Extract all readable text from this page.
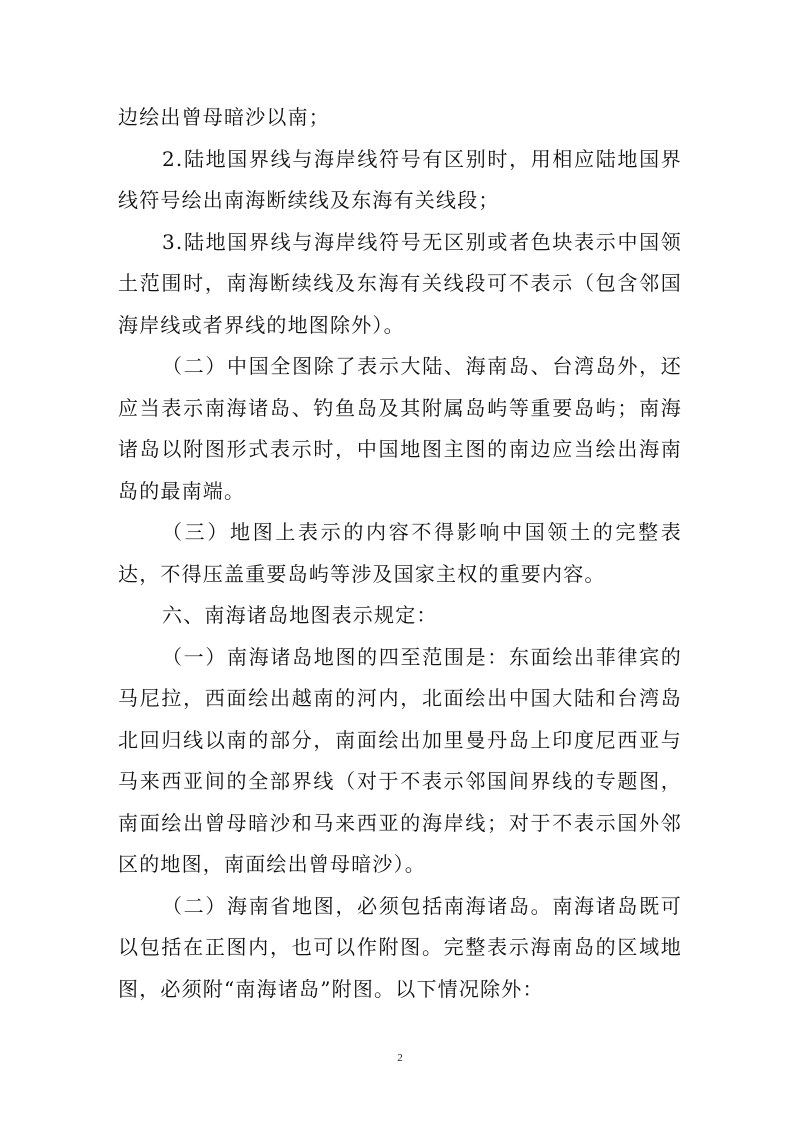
边绘出曾母暗沙以南；
2.陆地国界线与海岸线符号有区别时，用相应陆地国界
线符号绘出南海断续线及东海有关线段；
3.陆地国界线与海岸线符号无区别或者色块表示中国领
土范围时，南海断续线及东海有关线段可不表示（包含邻国
海岸线或者界线的地图除外）。
（二）中国全图除了表示大陆、海南岛、台湾岛外，还
应当表示南海诸岛、钓鱼岛及其附属岛屿等重要岛屿；南海
诸岛以附图形式表示时，中国地图主图的南边应当绘出海南
岛的最南端。
（三）地图上表示的内容不得影响中国领土的完整表
达，不得压盖重要岛屿等涉及国家主权的重要内容。
六、南海诸岛地图表示规定：
（一）南海诸岛地图的四至范围是：东面绘出菲律宾的
马尼拉，西面绘出越南的河内，北面绘出中国大陆和台湾岛
北回归线以南的部分，南面绘出加里曼丹岛上印度尼西亚与
马来西亚间的全部界线（对于不表示邻国间界线的专题图，
南面绘出曾母暗沙和马来西亚的海岸线；对于不表示国外邻
区的地图，南面绘出曾母暗沙）。
（二）海南省地图，必须包括南海诸岛。南海诸岛既可
以包括在正图内，也可以作附图。完整表示海南岛的区域地
图，必须附“南海诸岛”附图。以下情况除外：
2
